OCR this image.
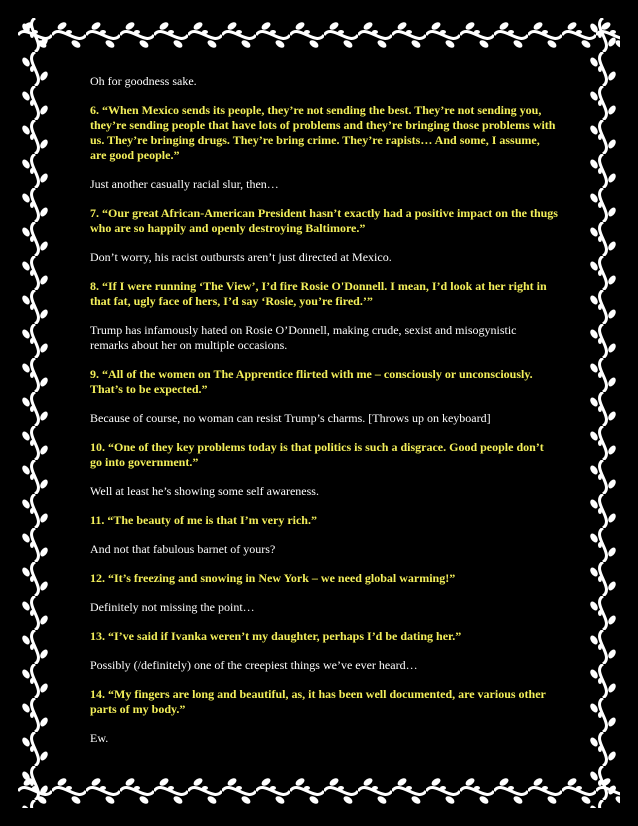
Oh for goodness sake.

6. “When Mexico sends its people, they’re not sending the best. They’re not sending you, they’re sending people that have lots of problems and they’re bringing those problems with us. They’re bringing drugs. They’re bring crime. They’re rapists… And some, I assume, are good people.”

Just another casually racial slur, then…

7. “Our great African-American President hasn’t exactly had a positive impact on the thugs who are so happily and openly destroying Baltimore.”

Don’t worry, his racist outbursts aren’t just directed at Mexico.

8. “If I were running ‘The View’, I’d fire Rosie O'Donnell. I mean, I’d look at her right in that fat, ugly face of hers, I’d say ‘Rosie, you’re fired.’”

Trump has infamously hated on Rosie O’Donnell, making crude, sexist and misogynistic remarks about her on multiple occasions.

9. “All of the women on The Apprentice flirted with me – consciously or unconsciously. That’s to be expected.”

Because of course, no woman can resist Trump’s charms. [Throws up on keyboard]

10. “One of they key problems today is that politics is such a disgrace. Good people don’t go into government.”

Well at least he’s showing some self awareness.

11. “The beauty of me is that I’m very rich.”

And not that fabulous barnet of yours?

12. “It’s freezing and snowing in New York – we need global warming!”

Definitely not missing the point…

13. “I’ve said if Ivanka weren’t my daughter, perhaps I’d be dating her.”

Possibly (/definitely) one of the creepiest things we’ve ever heard…

14. “My fingers are long and beautiful, as, it has been well documented, are various other parts of my body.”

Ew.
